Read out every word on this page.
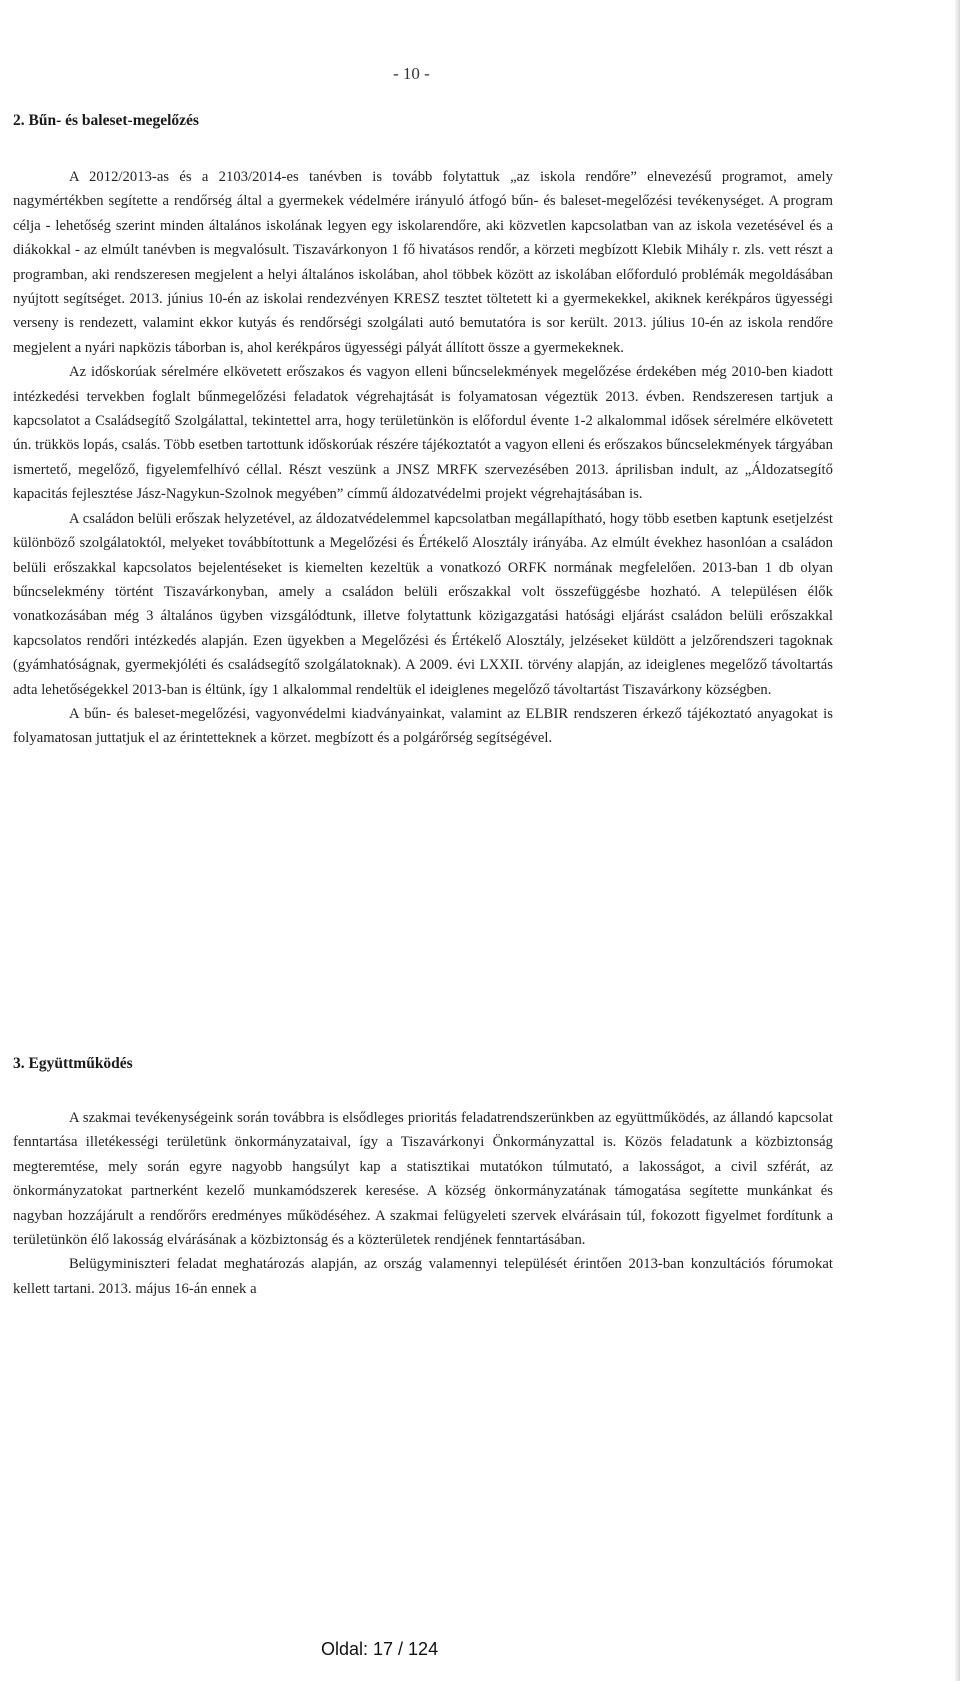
- 10 -
2. Bűn- és baleset-megelőzés

A 2012/2013-as és a 2103/2014-es tanévben is tovább folytattuk „az iskola rendőre” elnevezésű programot, amely nagymértékben segítette a rendőrség által a gyermekek védelmére irányuló átfogó bűn- és baleset-megelőzési tevékenységet. A program célja - lehetőség szerint minden általános iskolának legyen egy iskolarendőre, aki közvetlen kapcsolatban van az iskola vezetésével és a diákokkal - az elmúlt tanévben is megvalósult. Tiszavárkonyon 1 fő hivatásos rendőr, a körzeti megbízott Klebik Mihály r. zls. vett részt a programban, aki rendszeresen megjelent a helyi általános iskolában, ahol többek között az iskolában előforduló problémák megoldásában nyújtott segítséget. 2013. június 10-én az iskolai rendezvényen KRESZ tesztet töltetett ki a gyermekekkel, akiknek kerékpáros ügyességi verseny is rendezett, valamint ekkor kutyás és rendőrségi szolgálati autó bemutatóra is sor került. 2013. július 10-én az iskola rendőre megjelent a nyári napközis táborban is, ahol kerékpáros ügyességi pályát állított össze a gyermekeknek.

Az időskorúak sérelmére elkövetett erőszakos és vagyon elleni bűncselekmények megelőzése érdekében még 2010-ben kiadott intézkedési tervekben foglalt bűnmegelőzési feladatok végrehajtását is folyamatosan végeztük 2013. évben. Rendszeresen tartjuk a kapcsolatot a Családsegítő Szolgálattal, tekintettel arra, hogy területünkön is előfordul évente 1-2 alkalommal idősek sérelmére elkövetett ún. trükkös lopás, csalás. Több esetben tartottunk időskorúak részére tájékoztatót a vagyon elleni és erőszakos bűncselekmények tárgyában ismertető, megelőző, figyelemfelhívó céllal. Részt veszünk a JNSZ MRFK szervezésében 2013. áprilisban indult, az „Áldozatsegítő kapacitás fejlesztése Jász-Nagykun-Szolnok megyében” címmű áldozatvédelmi projekt végrehajtásában is.

A családon belüli erőszak helyzetével, az áldozatvédelemmel kapcsolatban megállapítható, hogy több esetben kaptunk esetjelzést különböző szolgálatoktól, melyeket továbbítottunk a Megelőzési és Értékelő Alosztály irányába. Az elmúlt évekhez hasonlóan a családon belüli erőszakkal kapcsolatos bejelentéseket is kiemelten kezeltük a vonatkozó ORFK normának megfelelően. 2013-ban 1 db olyan bűncselekmény történt Tiszavárkonyban, amely a családon belüli erőszakkal volt összefüggésbe hozható. A településen élők vonatkozásában még 3 általános ügyben vizsgálódtunk, illetve folytattunk közigazgatási hatósági eljárást családon belüli erőszakkal kapcsolatos rendőri intézkedés alapján. Ezen ügyekben a Megelőzési és Értékelő Alosztály, jelzéseket küldött a jelzőrendszeri tagoknak (gyámhatóságnak, gyermekjóléti és családsegítő szolgálatoknak). A 2009. évi LXXII. törvény alapján, az ideiglenes megelőző távoltartás adta lehetőségekkel 2013-ban is éltünk, így 1 alkalommal rendeltük el ideiglenes megelőző távoltartást Tiszavárkony községben.

A bűn- és baleset-megelőzési, vagyonvédelmi kiadványainkat, valamint az ELBIR rendszeren érkező tájékoztató anyagokat is folyamatosan juttatjuk el az érintetteknek a körzet. megbízott és a polgárőrség segítségével.

3. Együttműködés

A szakmai tevékenységeink során továbbra is elsődleges prioritás feladatrendszerünkben az együttműködés, az állandó kapcsolat fenntartása illetékességi területünk önkormányzataival, így a Tiszavárkonyi Önkormányzattal is. Közös feladatunk a közbiztonság megteremtése, mely során egyre nagyobb hangsúlyt kap a statisztikai mutatókon túlmutató, a lakosságot, a civil szférát, az önkormányzatokat partnerként kezelő munkamódszerek keresése. A község önkormányzatának támogatása segítette munkánkat és nagyban hozzájárult a rendőrőrs eredményes működéséhez. A szakmai felügyeleti szervek elvárásain túl, fokozott figyelmet fordítunk a területünkön élő lakosság elvárásának a közbiztonság és a közterületek rendjének fenntartásában.

Belügyminiszteri feladat meghatározás alapján, az ország valamennyi települését érintően 2013-ban konzultációs fórumokat kellett tartani. 2013. május 16-án ennek a

Oldal: 17 / 124
